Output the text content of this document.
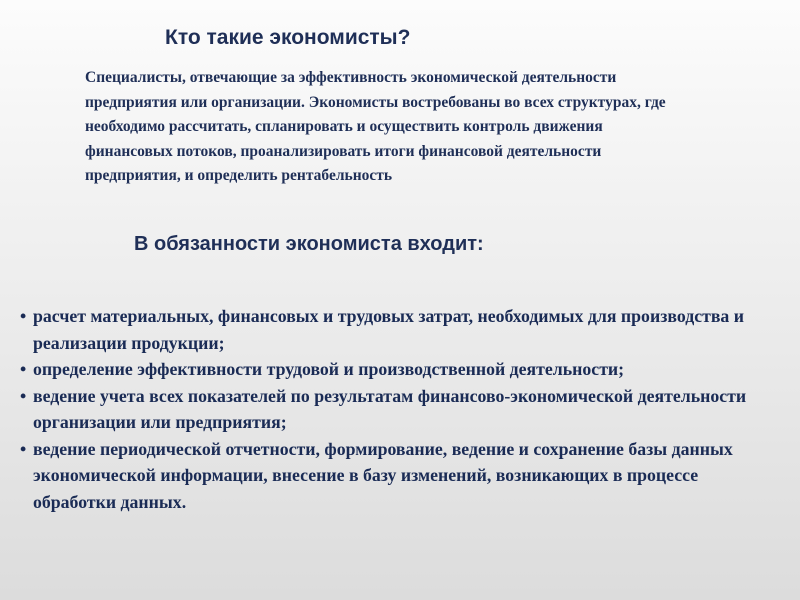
Кто такие экономисты?

Специалисты, отвечающие за эффективность экономической деятельности предприятия или организации. Экономисты востребованы во всех структурах, где необходимо рассчитать, спланировать и осуществить контроль движения финансовых потоков, проанализировать итоги финансовой деятельности предприятия, и определить рентабельность

В обязанности экономиста входит:
• расчет материальных, финансовых и трудовых затрат, необходимых для производства и реализации продукции;
• определение эффективности трудовой и производственной деятельности;
• ведение учета всех показателей по результатам финансово-экономической деятельности организации или предприятия;
• ведение периодической отчетности, формирование, ведение и сохранение базы данных экономической информации, внесение в базу изменений, возникающих в процессе обработки данных.
